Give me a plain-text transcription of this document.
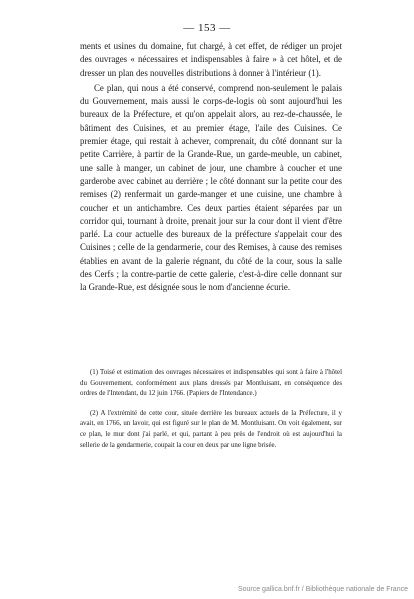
— 153 —

ments et usines du domaine, fut chargé, à cet effet, de rédiger un projet des ouvrages « nécessaires et indispensables à faire » à cet hôtel, et de dresser un plan des nouvelles distributions à donner à l'intérieur (1).

Ce plan, qui nous a été conservé, comprend non-seulement le palais du Gouvernement, mais aussi le corps-de-logis où sont aujourd'hui les bureaux de la Préfecture, et qu'on appelait alors, au rez-de-chaussée, le bâtiment des Cuisines, et au premier étage, l'aile des Cuisines. Ce premier étage, qui restait à achever, comprenait, du côté donnant sur la petite Carrière, à partir de la Grande-Rue, un garde-meuble, un cabinet, une salle à manger, un cabinet de jour, une chambre à coucher et une garderobe avec cabinet au derrière ; le côté donnant sur la petite cour des remises (2) renfermait un garde-manger et une cuisine, une chambre à coucher et un antichambre. Ces deux parties étaient séparées par un corridor qui, tournant à droite, prenait jour sur la cour dont il vient d'être parlé. La cour actuelle des bureaux de la préfecture s'appelait cour des Cuisines ; celle de la gendarmerie, cour des Remises, à cause des remises établies en avant de la galerie régnant, du côté de la cour, sous la salle des Cerfs ; la contre-partie de cette galerie, c'est-à-dire celle donnant sur la Grande-Rue, est désignée sous le nom d'ancienne écurie.

(1) Toisé et estimation des ouvrages nécessaires et indispensables qui sont à faire à l'hôtel du Gouvernement, conformément aux plans dressés par Montluisant, en conséquence des ordres de l'Intendant, du 12 juin 1766. (Papiers de l'Intendance.)

(2) A l'extrémité de cette cour, située derrière les bureaux actuels de la Préfecture, il y avait, en 1766, un lavoir, qui est figuré sur le plan de M. Montluisant. On voit également, sur ce plan, le mur dont j'ai parlé, et qui, partant à peu près de l'endroit où est aujourd'hui la sellerie de la gendarmerie, coupait la cour en deux par une ligne brisée.

Source gallica.bnf.fr / Bibliothèque nationale de France
